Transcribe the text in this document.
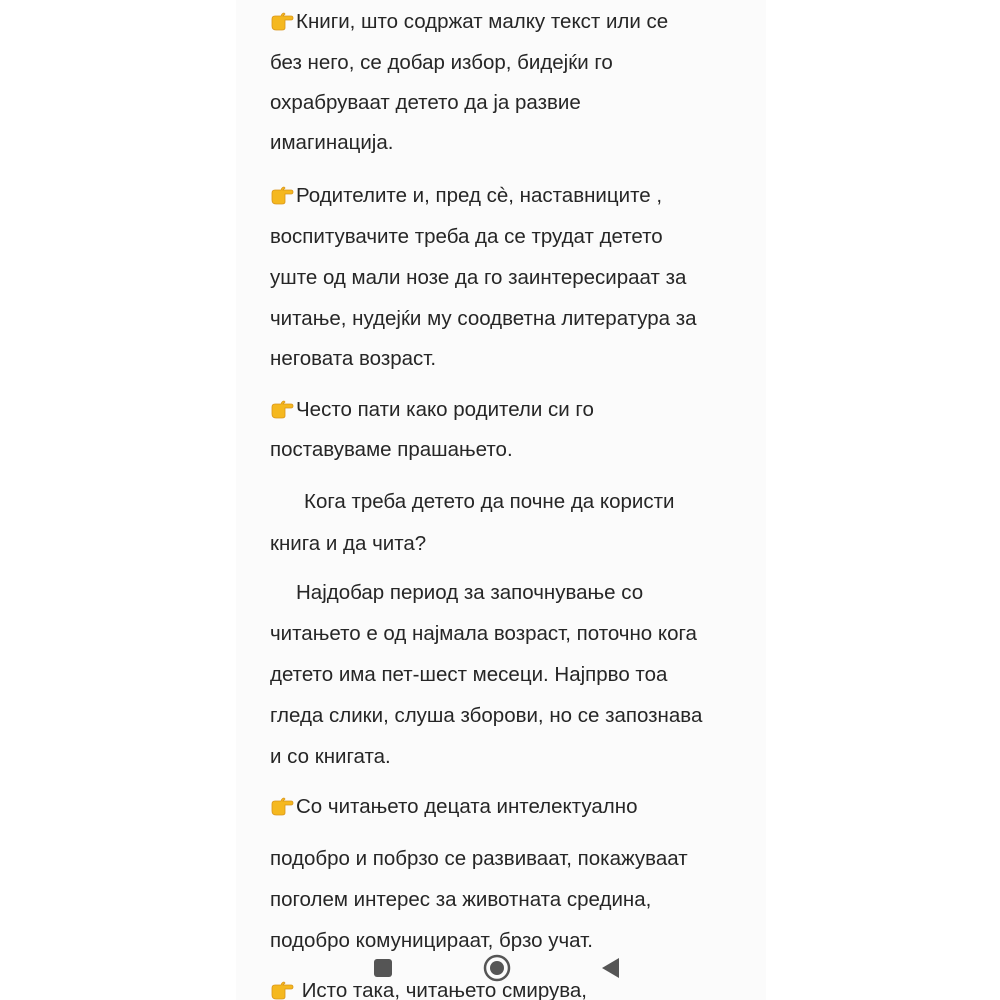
Книги, што содржат малку текст или се
без него, се добар избор, бидејќи го
охрабруваат детето да ја развие
имагинација.
Родителите и, пред сè, наставниците ,
воспитувачите треба да се трудат детето
уште од мали нозе да го заинтересираат за
читање, нудејќи му соодветна литература за
неговата возраст.
Често пати како родители си го
поставуваме прашањето.
Кога треба детето да почне да користи
книга и да чита?
Најдобар период за започнување со
читањето е од најмала возраст, поточно кога
детето има пет-шест месеци. Најпрво тоа
гледа слики, слуша зборови, но се запознава
и со книгата.
Со читањето децата интелектуално
подобро и побрзо се развиваат, покажуваат
поголем интерес за животната средина,
подобро комуницираат, брзо учат.
Исто така, читањето смирува,
